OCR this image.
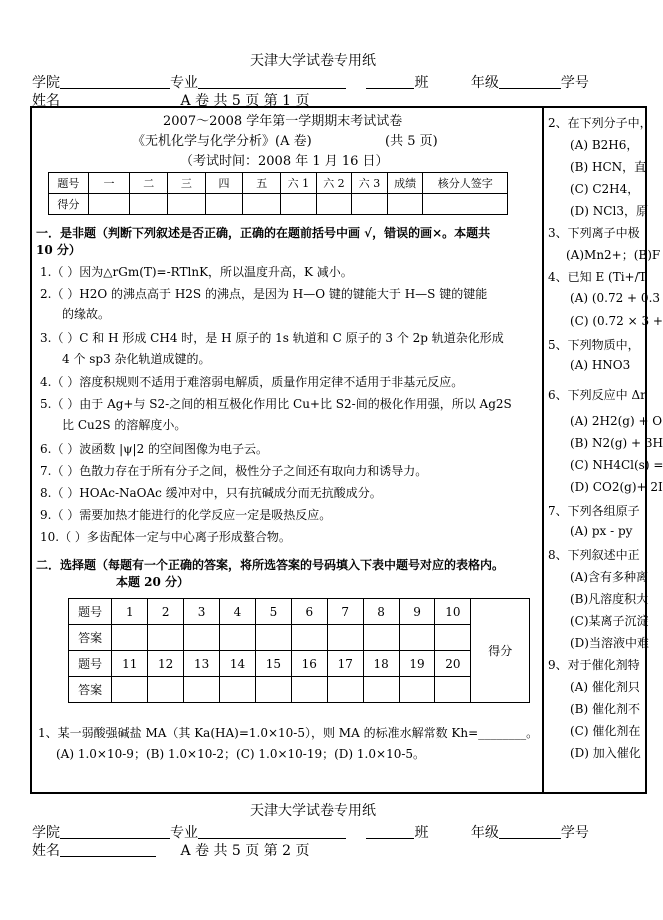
天津大学试卷专用纸
学院	专业	班	年级	学号
姓名	A 卷 共 5 页 第 1 页
2007～2008 学年第一学期期末考试试卷
《无机化学与化学分析》(A 卷)	(共 5 页)
（考试时间：2008 年 1 月 16 日）
题号	一	二	三	四	五	六 1	六 2	六 3	成绩	核分人签字
得分										
一．是非题（判断下列叙述是否正确，正确的在题前括号中画 √，错误的画×。本题共
10 分）
1.（ ）因为△rGm(T)=-RTlnK，所以温度升高，K 减小。
2.（ ）H2O 的沸点高于 H2S 的沸点，是因为 H—O 键的键能大于 H—S 键的键能
的缘故。
3.（ ）C 和 H 形成 CH4 时，是 H 原子的 1s 轨道和 C 原子的 3 个 2p 轨道杂化形成
4 个 sp3 杂化轨道成键的。
4.（ ）溶度积规则不适用于难溶弱电解质，质量作用定律不适用于非基元反应。
5.（ ）由于 Ag+与 S2-之间的相互极化作用比 Cu+比 S2-间的极化作用强，所以 Ag2S
比 Cu2S 的溶解度小。
6.（ ）波函数 |ψ|2 的空间图像为电子云。
7.（ ）色散力存在于所有分子之间，极性分子之间还有取向力和诱导力。
8.（ ）HOAc-NaOAc 缓冲对中，只有抗碱成分而无抗酸成分。
9.（ ）需要加热才能进行的化学反应一定是吸热反应。
10.（ ）多齿配体一定与中心离子形成螯合物。
二．选择题（每题有一个正确的答案，将所选答案的号码填入下表中题号对应的表格内。
本题 20 分）
题号	1	2	3	4	5	6	7	8	9	10	得分
答案											
题号	11	12	13	14	15	16	17	18	19	20	
答案											
1、某一弱酸强碱盐 MA（其 Ka(HA)=1.0×10-5），则 MA 的标准水解常数 Kh=________。
(A) 1.0×10-9；(B) 1.0×10-2；(C) 1.0×10-19；(D) 1.0×10-5。
2、在下列分子中，
(A) B2H6，
(B) HCN，直
(C) C2H4，
(D) NCl3，原
3、下列离子中极
(A)Mn2+；(B)F
4、已知 E (Ti+/T
(A) (0.72 + 0.3
(C) (0.72 × 3 +
5、下列物质中，
(A) HNO3
6、下列反应中 Δr
(A) 2H2(g) + O
(B) N2(g) + 3H
(C) NH4Cl(s) =
(D) CO2(g)+ 2I
7、下列各组原子
(A) px - py
8、下列叙述中正
(A)含有多种离
(B)凡溶度积大
(C)某离子沉淀
(D)当溶液中难
9、对于催化剂特
(A) 催化剂只
(B) 催化剂不
(C) 催化剂在
(D) 加入催化
天津大学试卷专用纸
学院	专业	班	年级	学号
姓名	A 卷 共 5 页 第 2 页
